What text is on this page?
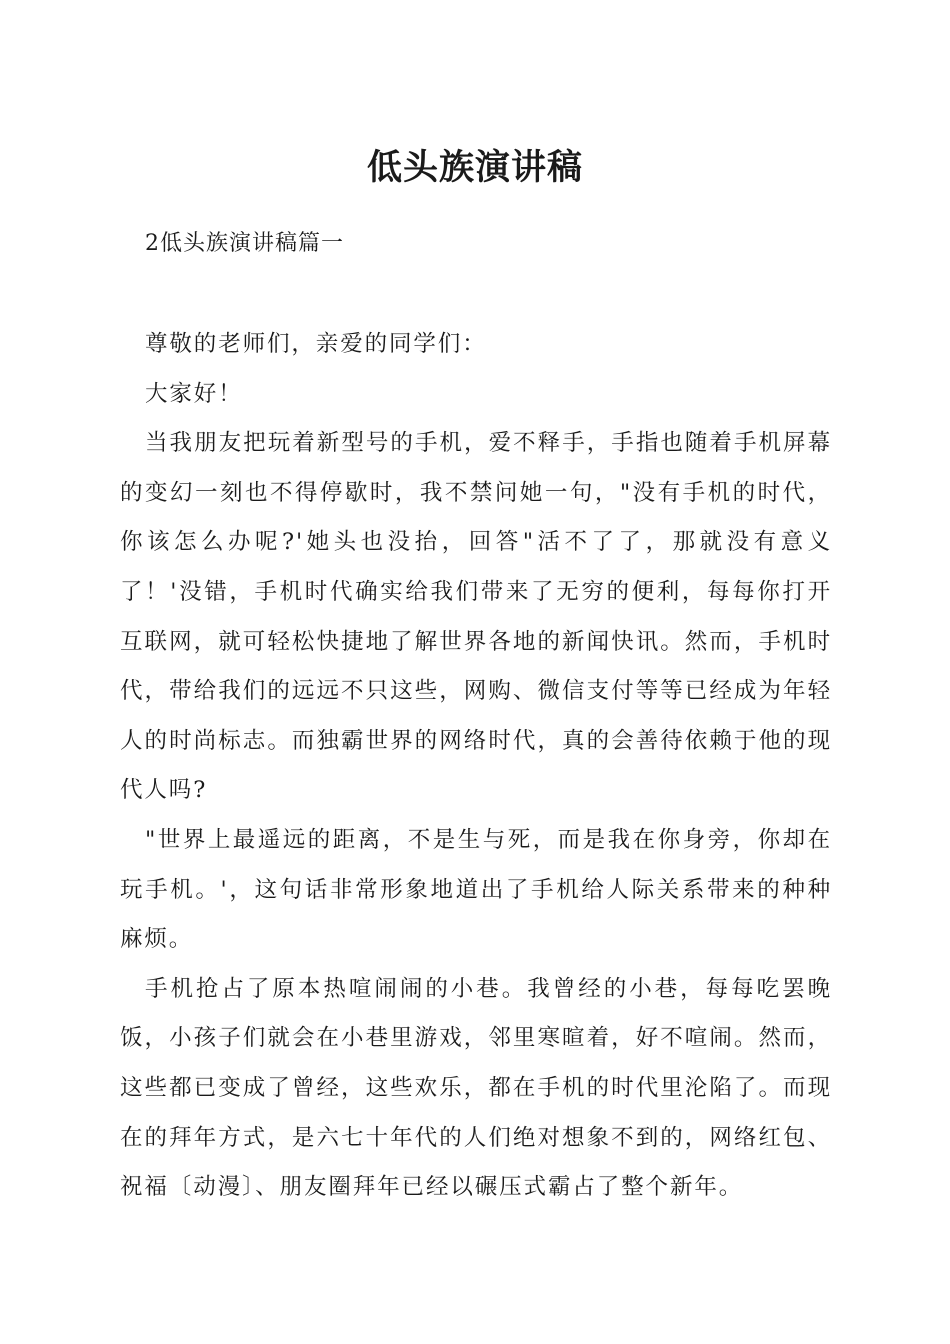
低头族演讲稿

2低头族演讲稿篇一

尊敬的老师们，亲爱的同学们：

大家好！

当我朋友把玩着新型号的手机，爱不释手，手指也随着手机屏幕的变幻一刻也不得停歇时，我不禁问她一句，"没有手机的时代，你该怎么办呢?'她头也没抬，回答"活不了了，那就没有意义了！'没错，手机时代确实给我们带来了无穷的便利，每每你打开互联网，就可轻松快捷地了解世界各地的新闻快讯。然而，手机时代，带给我们的远远不只这些，网购、微信支付等等已经成为年轻人的时尚标志。而独霸世界的网络时代，真的会善待依赖于他的现代人吗?

"世界上最遥远的距离，不是生与死，而是我在你身旁，你却在玩手机。'，这句话非常形象地道出了手机给人际关系带来的种种麻烦。

手机抢占了原本热喧闹闹的小巷。我曾经的小巷，每每吃罢晚饭，小孩子们就会在小巷里游戏，邻里寒暄着，好不喧闹。然而，这些都已变成了曾经，这些欢乐，都在手机的时代里沦陷了。而现在的拜年方式，是六七十年代的人们绝对想象不到的，网络红包、祝福〔动漫〕、朋友圈拜年已经以碾压式霸占了整个新年。
